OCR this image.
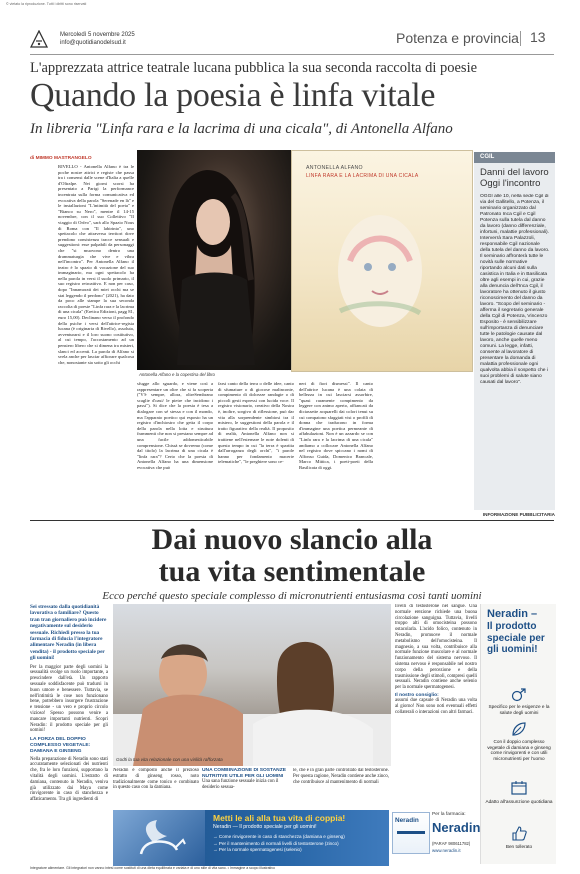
© vietato la riproduzione. Tutti i diritti sono riservati
Mercoledì 5 novembre 2025
info@quotidianodelsud.it	Potenza e provincia 13
L'apprezzata attrice teatrale lucana pubblica la sua seconda raccolta di poesie
Quando la poesia è linfa vitale
In libreria "Linfa rara e la lacrima di una cicala", di Antonella Alfano
di MIMMO MASTRANGELO

RIVELLO - Antonella Alfano è tra le poche nostre attrici e registe che passa tra i consensi dalle scene d'Italia a quelle d'Oltralpe. Nei giorni scorsi ha presentato a Parigi la performance incentrata sulla forma comunicativa ed evocativa della parola "Serenade en là" e le installazioni "L'intimità del poeta" e "Bianco su Nero", mentre il 14-15 novembre, con il suo Collettivo "Il viaggio di Orfeo", sarà allo Spazio Nous di Roma con "Il labirinto", uno spettacolo che attraversa territori dove prendono consistenza tracce sensuali e suggestioni: esse palpabili da personaggi che "si muovono dentro una drammaturgia che vive e vibra nell'incontro". Per Antonella Alfano il teatro è lo spazio di vocazione del suo immaginario, ma ogni spettacolo ha nella parola in versi il suolo primario, il suo registro retroattivo. E non per caso, dopo "Innamorati dei miei occhi ma se stai leggendo il perdono" (2021), ha dato da poco alle stampe la sua seconda raccolta di poesie "Linfa rara e la lacrima di una cicala" (Eretica Edizioni, pagg 81, euro 15,00). Declinano verso il profondo della psiche i versi dell'attrice-regista lucana (è originaria di Rivello), assoluta, avventurarsi e il loro suono costitutivo, al cui tempo, l'accostamento ad un pensiero libero che si dimena tra misteri, slanci ed accenti. La parola di Alfano si svela anche per lasciar affiorare qualcosa che, nonostante sia sotto gli occhi

ANTONELLA ALFANO
LINFA RARA E LA LACRIMA DI UNA CICALA
Antonella Alfano e la copertina del libro

sfugge allo sguardo, e viene così a rappresentare un oltre che si fa scoperta ("V'è sempre, allora, oltreSembrano scaglie d'oasi/ le pietre che incidono i passi"). Si dice che la poesia è tesa a dialogare con sé stessa e con il mondo, ma l'apparato poetico qui esposto ha un registro d'inchiostro che getta il corpo della parola nella lotta e struttura frammenti che non si prestano sempre ad una facile addomesticabile comprensione. Chissà se dovremo (come dal titolo) la lacrima di una cicala è "linfa rara"? Certo che la poesia di Antonella Alfano ha una dimensione evocativa che può

farsi canto della terra o delle idee, canto di sfumature o di giocose malinconie, compimento di dolcezze randagie o di piccoli gesti espressi con lucida voce. Il registro visionario, creativo della Nostra è, inoltre, sorgivo di riflessione, può dar vita alla sorprendente simbiosi tra il mistero, le suggestioni della parola e il tratto figurativo della realtà. Il proposito di realtà, Antonella Alfano non si trattiene nell'esternare le note dolenti di questo tempo in cui "la terra è spartita dall'arroganza degli orchi", "i parole hanno per fondamento macerie telematiche", "le preghiere sono ce-

neri di fiori dismessi". Il canto dell'attrice lucana è una colata di bellezza in cui lasciarsi assorbire, "quasi raramente compimento da leggere con animo aperto, affiancati da diciassette acquarelli dai colori tenui su cui compaiono sfaggiati visi o profili di donna che traducono in forma d'immagine una poetica permeante di affabulazioni. Non è un azzardo se con "Linfa rara e la lacrima di una cicala" andiamo a collocare Antonella Alfano nel registro dove spiccano i nomi di Alfonso Guida, Domenico Brancale, Marco Mittica, i poeti-poeti della Basilicata di oggi.

CGIL
Danni del lavoro Oggi l'incontro
OGGI alle 10, nella sede Cgil di via del Gallitello, a Potenza, il seminario organizzato dal Patronato Inca Cgil e Cgil Potenza sulla tutela dal danno da lavoro (danno differenziale, infortuni, malattie professionali). Interverrà Sara Palazzoli, responsabile Cgil nazionale della tutela del danno da lavoro. Il seminario affronterà tutte le novità sulle normative riportando alcuni dati sulla casistica in Italia e in Basilicata oltre agli esempi in cui, grazie alla denuncia dell'Inca Cgil, il lavoratore ha ottenuto il giusto riconoscimento del danno da lavoro. "Scopo del seminario - afferma il segretario generale della Cgil di Potenza, Vincenzo Esposito - è sensibilizzare sull'importanza di denunciare tutte le patologie causate dal lavoro, anche quelle meno comuni. La legge, infatti, consente al lavoratore di presentare la domanda di malattia professionale ogni qualvolta abbia il sospetto che i suoi problemi di salute siano causati dal lavoro".
INFORMAZIONE PUBBLICITARIA
Dai nuovo slancio alla
tua vita sentimentale
Ecco perché questo speciale complesso di micronutrienti entusiasma così tanti uomini
Sei stressato dalla quotidianità lavorativa o familiare? Questo tran tran giornaliero può incidere negativamente sul desiderio sessuale. Richiedi presso la tua farmacia di fiducia l'integratore alimentare Neradin (in libera vendita) - il prodotto speciale per gli uomini!
Per la maggior parte degli uomini la sessualità svolge un ruolo importante, a prescindere dall'età. Un rapporto sessuale soddisfacente può tradursi in buon umore e benessere. Tuttavia, se nell'intimità le cose non funzionano bene, potrebbero insorgere frustrazione e tensione - un vero e proprio circolo vizioso! Spesso possono venire a mancare importanti nutrienti. Scopri Neradin: il prodotto speciale per gli uomini!
LA FORZA DEL DOPPIO COMPLESSO VEGETALE: DAMIANA E GINSENG
Nella preparazione di Neradin sono stati accuratamente selezionati dei nutrienti che, fra le loro funzioni, supportano la vitalità degli uomini. L'estratto di damiana, contenuto in Neradin, veniva già utilizzato dai Maya come rinvigorente in caso di stanchezza e affaticamento. Tra gli ingredienti di
Godti la tua vita relazionale con una virilità rafforzata
Neradin è composto anche il prezioso estratto di ginseng rosso, noto tradizionalmente come tonico e combinato in questo caso con la damiana.
UNA COMBINAZIONE DI SOSTANZE NUTRITIVE UTILE PER GLI UOMINI
Una sana funzione sessuale inizia con il desiderio sessua-
le, che è in gran parte controllato dal testosterone. Per questa ragione, Neradin contiene anche zinco, che contribuisce al mantenimento di normali
livelli di testosterone nel sangue. Una normale erezione richiede una buona circolazione sanguigna. Tuttavia, livelli troppo alti di omocisteina possono ostacolarla. L'acido folico, contenuto in Neradin, promuove il normale metabolismo dell'omocisteina. Il magnesio, a sua volta, contribuisce alla normale funzione muscolare e al normale funzionamento del sistema nervoso. Il sistema nervoso è responsabile nel nostro corpo della percezione e della trasmissione degli stimoli, compresi quelli sessuali. Neradin contiene anche selenio per la normale spermatogenesi.
Il nostro consiglio:
assumi due capsule di Neradin una volta al giorno! Non sono noti eventuali effetti collaterali o interazioni con altri farmaci.
Neradin –
Il prodotto speciale per gli uomini!
Specifico per le esigenze e la salute degli uomini
Con il doppio complesso vegetale di damiana e ginseng come rinvigorenti e con utili micronutrienti per l'uomo
Adatto all'assunzione quotidiana
Ben tollerato
Metti le ali alla tua vita di coppia!
Neradin — Il prodotto speciale per gli uomini!
→ Come rinvigorente in caso di stanchezza (damiana e ginseng)
→ Per il mantenimento di normali livelli di testosterone (zinco)
→ Per la normale spermatogenesi (selenio)
Neradin
Per la farmacia:
Neradin
(PARAF 980611782)
www.neradin.it
Integratore alimentare. Gli integratori non vanno intesi come sostituti di una dieta equilibrata e variata e di uno stile di vita sano. • Immagine a scopo illustrativo
